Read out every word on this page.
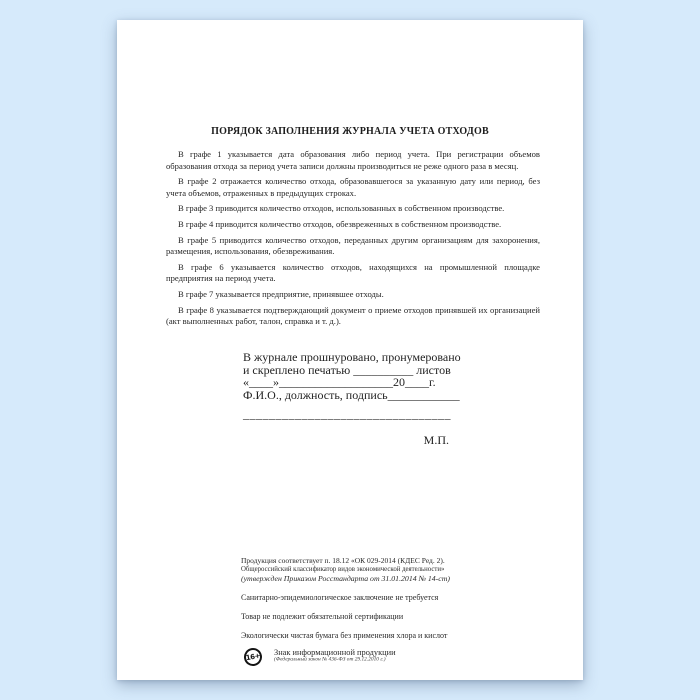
ПОРЯДОК ЗАПОЛНЕНИЯ ЖУРНАЛА УЧЕТА ОТХОДОВ

В графе 1 указывается дата образования либо период учета. При регистрации объемов образования отхода за период учета записи должны производиться не реже одного раза в месяц.

В графе 2 отражается количество отхода, образовавшегося за указанную дату или период, без учета объемов, отраженных в предыдущих строках.

В графе 3 приводится количество отходов, использованных в собственном производстве.

В графе 4 приводится количество отходов, обезвреженных в собственном производстве.

В графе 5 приводится количество отходов, переданных другим организациям для захоронения, размещения, использования, обезвреживания.

В графе 6 указывается количество отходов, находящихся на промышленной площадке предприятия на период учета.

В графе 7 указывается предприятие, принявшее отходы.

В графе 8 указывается подтверждающий документ о приеме отходов принявшей их организацией (акт выполненных работ, талон, справка и т. д.).

В журнале прошнуровано, пронумеровано
и скреплено печатью __________ листов
«____»___________________20____г.
Ф.И.О., должность, подпись____________
________________________________
М.П.
Продукция соответствует п. 18.12 «ОК 029-2014 (КДЕС Ред. 2).
Общероссийский классификатор видов экономической деятельности»
(утвержден Приказом Росстандарта от 31.01.2014 № 14-ст)
Санитарно-эпидемиологическое заключение не требуется
Товар не подлежит обязательной сертификации
Экологически чистая бумага без применения хлора и кислот
16+	Знак информационной продукции
(Федеральный закон № 436-ФЗ от 29.12.2010 г.)
